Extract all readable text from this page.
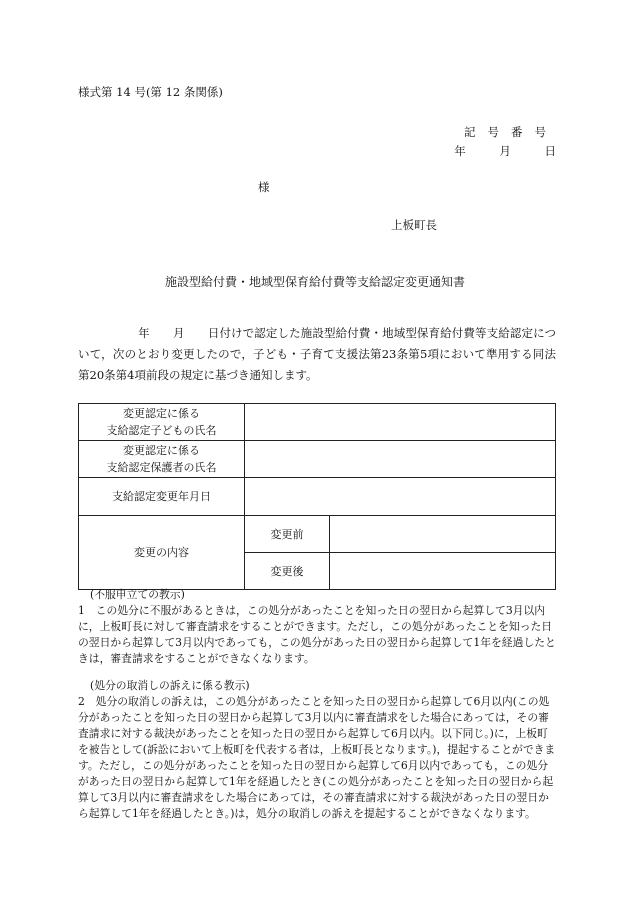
様式第 14 号(第 12 条関係)
記号番号
年	月	日
様
上板町長
施設型給付費・地域型保育給付費等支給認定変更通知書
年　　月　　日付けで認定した施設型給付費・地域型保育給付費等支給認定について，次のとおり変更したので，子ども・子育て支援法第23条第5項において準用する同法第20条第4項前段の規定に基づき通知します。
変更認定に係る
支給認定子どもの氏名		

変更認定に係る
支給認定保護者の氏名		

支給認定変更年月日		
変更の内容	変更前	
	変更後	
(不服申立ての教示)
1　この処分に不服があるときは，この処分があったことを知った日の翌日から起算して3月以内に，上板町長に対して審査請求をすることができます。ただし，この処分があったことを知った日の翌日から起算して3月以内であっても，この処分があった日の翌日から起算して1年を経過したときは，審査請求をすることができなくなります。
(処分の取消しの訴えに係る教示)
2　処分の取消しの訴えは，この処分があったことを知った日の翌日から起算して6月以内(この処分があったことを知った日の翌日から起算して3月以内に審査請求をした場合にあっては，その審査請求に対する裁決があったことを知った日の翌日から起算して6月以内。以下同じ。)に，上板町を被告として(訴訟において上板町を代表する者は，上板町長となります。)，提起することができます。ただし，この処分があったことを知った日の翌日から起算して6月以内であっても，この処分があった日の翌日から起算して1年を経過したとき(この処分があったことを知った日の翌日から起算して3月以内に審査請求をした場合にあっては，その審査請求に対する裁決があった日の翌日から起算して1年を経過したとき。)は，処分の取消しの訴えを提起することができなくなります。
